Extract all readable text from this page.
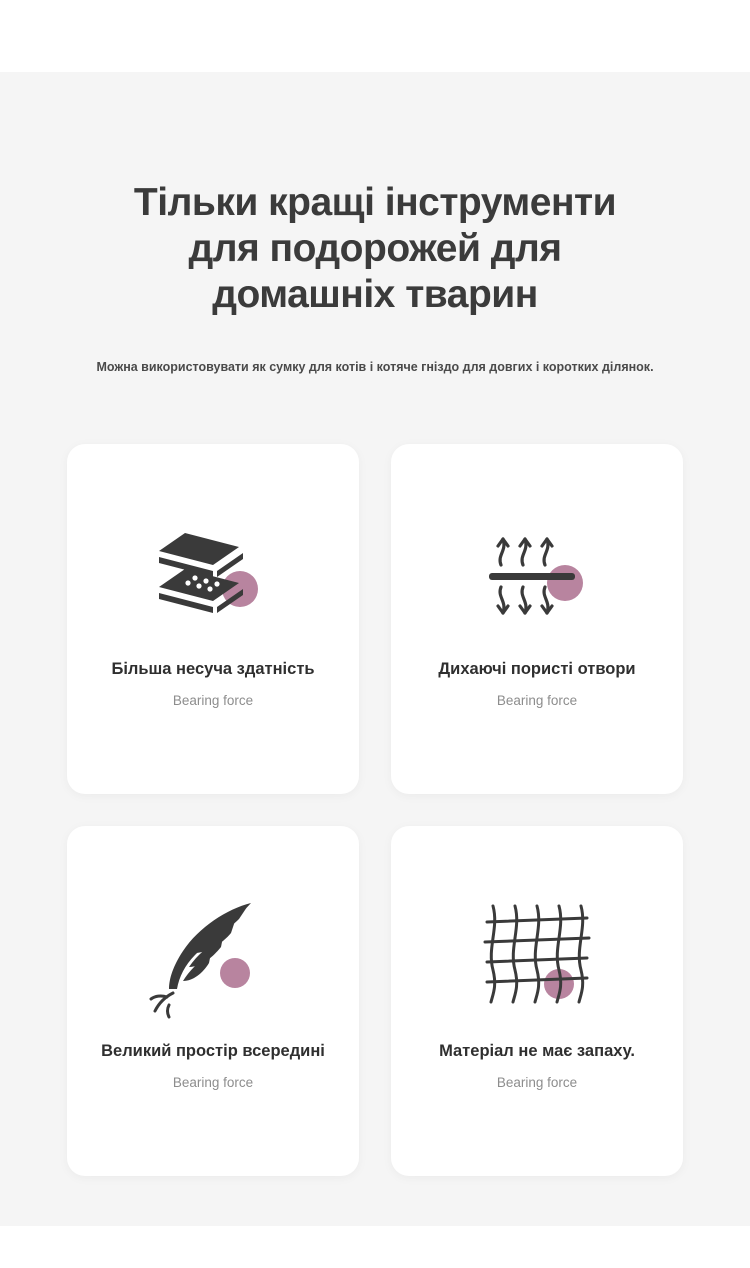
Тільки кращі інструменти
для подорожей для
домашніх тварин

Можна використовувати як сумку для котів і котяче гніздо для довгих і коротких ділянок.

Більша несуча здатність
Bearing force
Дихаючі пористі отвори
Bearing force
Великий простір всередині
Bearing force
Матеріал не має запаху.
Bearing force
